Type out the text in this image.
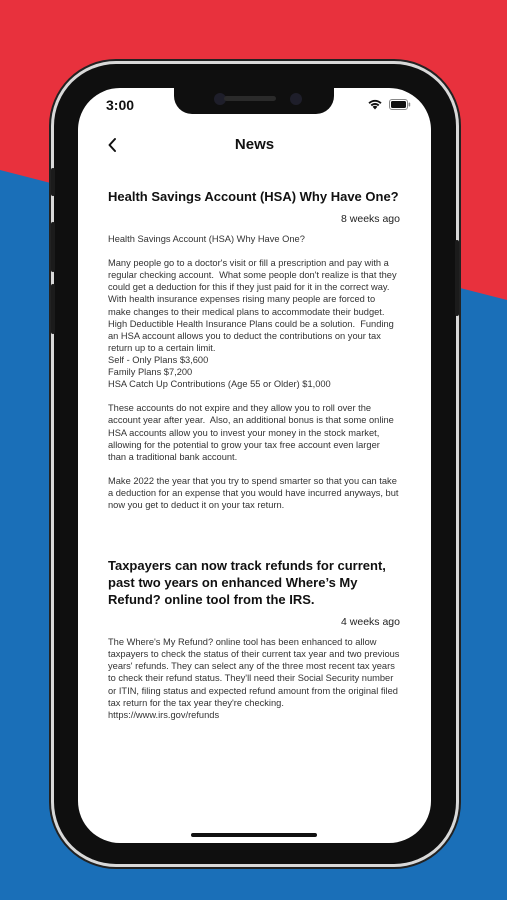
3:00
News

Health Savings Account (HSA) Why Have One?

8 weeks ago

Health Savings Account (HSA) Why Have One?

Many people go to a doctor's visit or fill a prescription and pay with a regular checking account.  What some people don't realize is that they could get a deduction for this if they just paid for it in the correct way.  With health insurance expenses rising many people are forced to make changes to their medical plans to accommodate their budget.  High Deductible Health Insurance Plans could be a solution.  Funding an HSA account allows you to deduct the contributions on your tax return up to a certain limit.
Self - Only Plans $3,600
Family Plans $7,200
HSA Catch Up Contributions (Age 55 or Older) $1,000

These accounts do not expire and they allow you to roll over the account year after year.  Also, an additional bonus is that some online HSA accounts allow you to invest your money in the stock market, allowing for the potential to grow your tax free account even larger than a traditional bank account.

Make 2022 the year that you try to spend smarter so that you can take a deduction for an expense that you would have incurred anyways, but now you get to deduct it on your tax return.

Taxpayers can now track refunds for current, past two years on enhanced Where’s My Refund? online tool from the IRS.

4 weeks ago

The Where's My Refund? online tool has been enhanced to allow taxpayers to check the status of their current tax year and two previous years' refunds. They can select any of the three most recent tax years to check their refund status. They'll need their Social Security number or ITIN, filing status and expected refund amount from the original filed tax return for the tax year they're checking.  https://www.irs.gov/refunds
